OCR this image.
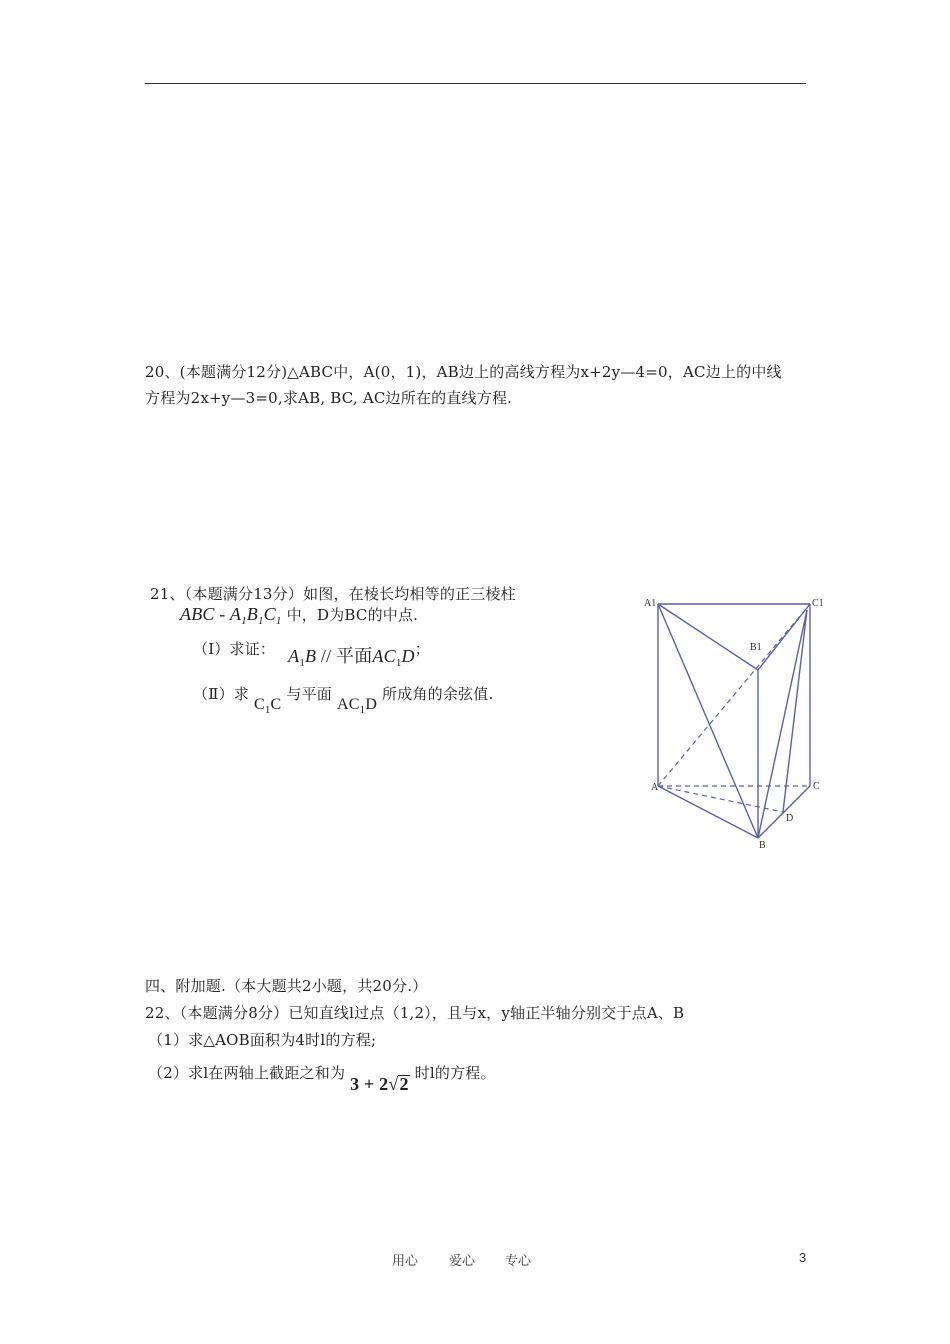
20、(本题满分12分)△ABC中，A(0，1)，AB边上的高线方程为x+2y—4=0，AC边上的中线
方程为2x+y—3=0,求AB, BC, AC边所在的直线方程.
21、（本题满分13分）如图，在棱长均相等的正三棱柱
ABC - $A_1B_1C_1$ 中，D为BC的中点.
（Ⅰ）求证： $A_1B$ // 平面$AC_1D$；
（Ⅱ）求 $C_1C$ 与平面 $AC_1D$ 所成角的余弦值.
A1	C1
B1
A	C
D
B
四、附加题.（本大题共2小题，共20分.）
22、（本题满分8分）已知直线l过点（1,2），且与x，y轴正半轴分别交于点A、B
（1）求△AOB面积为4时l的方程;
（2）求l在两轴上截距之和为 3 + 2√2 时l的方程。
用心 爱心 专心	3
